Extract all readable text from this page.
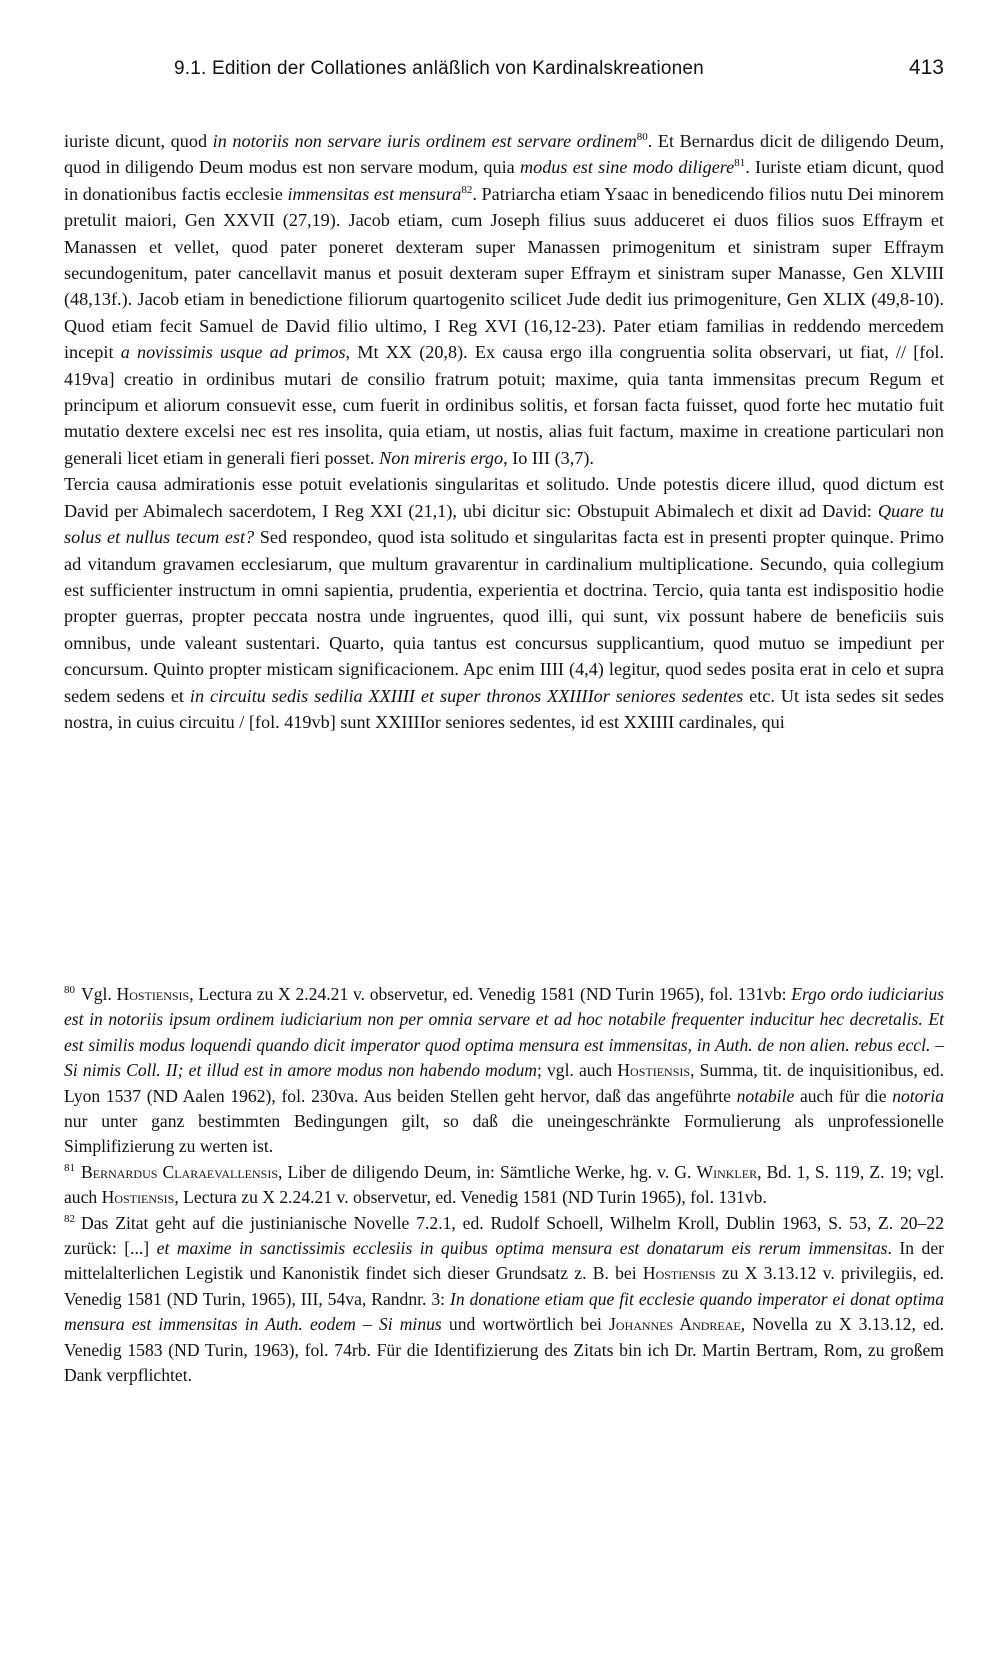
9.1. Edition der Collationes anläßlich von Kardinalskreationen	413

iuriste dicunt, quod in notoriis non servare iuris ordinem est servare ordinem$^{80}$. Et Bernardus dicit de diligendo Deum, quod in diligendo Deum modus est non servare modum, quia modus est sine modo diligere$^{81}$. Iuriste etiam dicunt, quod in donationibus factis ecclesie immensitas est mensura$^{82}$. Patriarcha etiam Ysaac in benedicendo filios nutu Dei minorem pretulit maiori, Gen XXVII (27,19). Jacob etiam, cum Joseph filius suus adduceret ei duos filios suos Effraym et Manassen et vellet, quod pater poneret dexteram super Manassen primogenitum et sinistram super Effraym secundogenitum, pater cancellavit manus et posuit dexteram super Effraym et sinistram super Manasse, Gen XLVIII (48,13f.). Jacob etiam in benedictione filiorum quartogenito scilicet Jude dedit ius primogeniture, Gen XLIX (49,8-10). Quod etiam fecit Samuel de David filio ultimo, I Reg XVI (16,12-23). Pater etiam familias in reddendo mercedem incepit a novissimis usque ad primos, Mt XX (20,8). Ex causa ergo illa congruentia solita observari, ut fiat, // [fol. 419va] creatio in ordinibus mutari de consilio fratrum potuit; maxime, quia tanta immensitas precum Regum et principum et aliorum consuevit esse, cum fuerit in ordinibus solitis, et forsan facta fuisset, quod forte hec mutatio fuit mutatio dextere excelsi nec est res insolita, quia etiam, ut nostis, alias fuit factum, maxime in creatione particulari non generali licet etiam in generali fieri posset. Non mireris ergo, Io III (3,7).

Tercia causa admirationis esse potuit evelationis singularitas et solitudo. Unde potestis dicere illud, quod dictum est David per Abimalech sacerdotem, I Reg XXI (21,1), ubi dicitur sic: Obstupuit Abimalech et dixit ad David: Quare tu solus et nullus tecum est? Sed respondeo, quod ista solitudo et singularitas facta est in presenti propter quinque. Primo ad vitandum gravamen ecclesiarum, que multum gravarentur in cardinalium multiplicatione. Secundo, quia collegium est sufficienter instructum in omni sapientia, prudentia, experientia et doctrina. Tercio, quia tanta est indispositio hodie propter guerras, propter peccata nostra unde ingruentes, quod illi, qui sunt, vix possunt habere de beneficiis suis omnibus, unde valeant sustentari. Quarto, quia tantus est concursus supplicantium, quod mutuo se impediunt per concursum. Quinto propter misticam significacionem. Apc enim IIII (4,4) legitur, quod sedes posita erat in celo et supra sedem sedens et in circuitu sedis sedilia XXIIII et super thronos XXIIIIor seniores sedentes etc. Ut ista sedes sit sedes nostra, in cuius circuitu / [fol. 419vb] sunt XXIIIIor seniores sedentes, id est XXIIII cardinales, qui

$^{80}$ Vgl. Hostiensis, Lectura zu X 2.24.21 v. observetur, ed. Venedig 1581 (ND Turin 1965), fol. 131vb: Ergo ordo iudiciarius est in notoriis ipsum ordinem iudiciarium non per omnia servare et ad hoc notabile frequenter inducitur hec decretalis. Et est similis modus loquendi quando dicit imperator quod optima mensura est immensitas, in Auth. de non alien. rebus eccl. – Si nimis Coll. II; et illud est in amore modus non habendo modum; vgl. auch Hostiensis, Summa, tit. de inquisitionibus, ed. Lyon 1537 (ND Aalen 1962), fol. 230va. Aus beiden Stellen geht hervor, daß das angeführte notabile auch für die notoria nur unter ganz bestimmten Bedingungen gilt, so daß die uneingeschränkte Formulierung als unprofessionelle Simplifizierung zu werten ist.

$^{81}$ Bernardus Claraevallensis, Liber de diligendo Deum, in: Sämtliche Werke, hg. v. G. Winkler, Bd. 1, S. 119, Z. 19; vgl. auch Hostiensis, Lectura zu X 2.24.21 v. observetur, ed. Venedig 1581 (ND Turin 1965), fol. 131vb.

$^{82}$ Das Zitat geht auf die justinianische Novelle 7.2.1, ed. Rudolf Schoell, Wilhelm Kroll, Dublin 1963, S. 53, Z. 20–22 zurück: [...] et maxime in sanctissimis ecclesiis in quibus optima mensura est donatarum eis rerum immensitas. In der mittelalterlichen Legistik und Kanonistik findet sich dieser Grundsatz z. B. bei Hostiensis zu X 3.13.12 v. privilegiis, ed. Venedig 1581 (ND Turin, 1965), III, 54va, Randnr. 3: In donatione etiam que fit ecclesie quando imperator ei donat optima mensura est immensitas in Auth. eodem – Si minus und wortwörtlich bei Johannes Andreae, Novella zu X 3.13.12, ed. Venedig 1583 (ND Turin, 1963), fol. 74rb. Für die Identifizierung des Zitats bin ich Dr. Martin Bertram, Rom, zu großem Dank verpflichtet.
